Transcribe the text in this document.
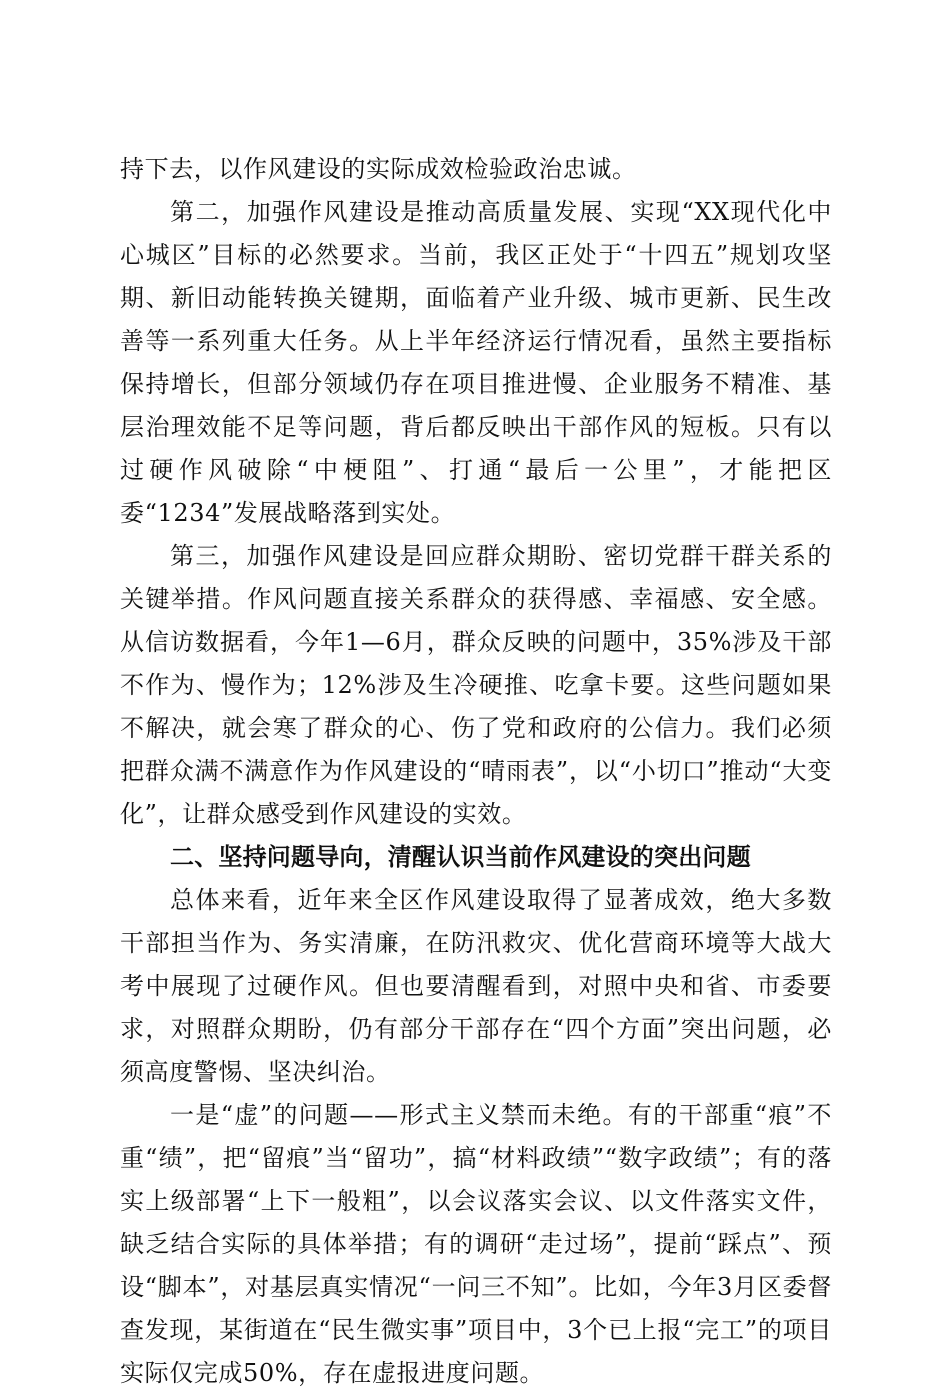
持下去，以作风建设的实际成效检验政治忠诚。

第二，加强作风建设是推动高质量发展、实现“XX现代化中心城区”目标的必然要求。当前，我区正处于“十四五”规划攻坚期、新旧动能转换关键期，面临着产业升级、城市更新、民生改善等一系列重大任务。从上半年经济运行情况看，虽然主要指标保持增长，但部分领域仍存在项目推进慢、企业服务不精准、基层治理效能不足等问题，背后都反映出干部作风的短板。只有以过硬作风破除“中梗阻”、打通“最后一公里”，才能把区委“1234”发展战略落到实处。

第三，加强作风建设是回应群众期盼、密切党群干群关系的关键举措。作风问题直接关系群众的获得感、幸福感、安全感。从信访数据看，今年1—6月，群众反映的问题中，35%涉及干部不作为、慢作为；12%涉及生冷硬推、吃拿卡要。这些问题如果不解决，就会寒了群众的心、伤了党和政府的公信力。我们必须把群众满不满意作为作风建设的“晴雨表”，以“小切口”推动“大变化”，让群众感受到作风建设的实效。

二、坚持问题导向，清醒认识当前作风建设的突出问题

总体来看，近年来全区作风建设取得了显著成效，绝大多数干部担当作为、务实清廉，在防汛救灾、优化营商环境等大战大考中展现了过硬作风。但也要清醒看到，对照中央和省、市委要求，对照群众期盼，仍有部分干部存在“四个方面”突出问题，必须高度警惕、坚决纠治。

一是“虚”的问题——形式主义禁而未绝。有的干部重“痕”不重“绩”，把“留痕”当“留功”，搞“材料政绩”“数字政绩”；有的落实上级部署“上下一般粗”，以会议落实会议、以文件落实文件，缺乏结合实际的具体举措；有的调研“走过场”，提前“踩点”、预设“脚本”，对基层真实情况“一问三不知”。比如，今年3月区委督查发现，某街道在“民生微实事”项目中，3个已上报“完工”的项目实际仅完成50%，存在虚报进度问题。
